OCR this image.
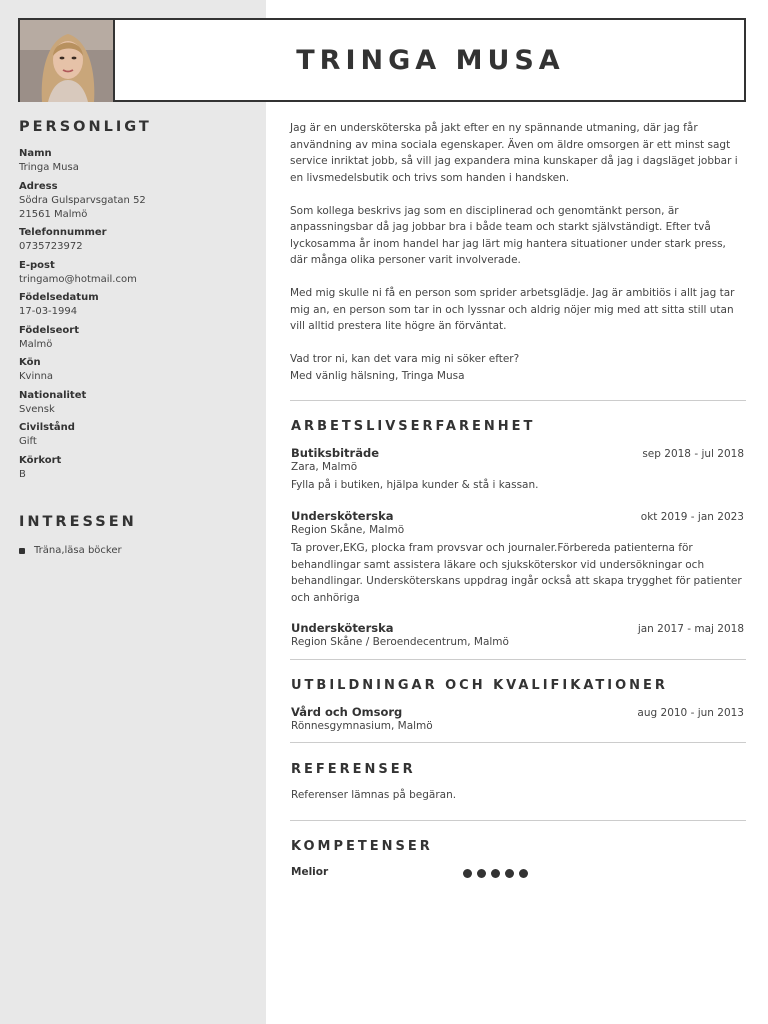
TRINGA MUSA
PERSONLIGT
Namn
Tringa Musa
Adress
Södra Gulsparvsgatan 52
21561 Malmö
Telefonnummer
0735723972
E-post
tringamo@hotmail.com
Födelsedatum
17-03-1994
Födelseort
Malmö
Kön
Kvinna
Nationalitet
Svensk
Civilstånd
Gift
Körkort
B
INTRESSEN
Träna,läsa böcker

Jag är en undersköterska på jakt efter en ny spännande utmaning, där jag får användning av mina sociala egenskaper. Även om äldre omsorgen är ett minst sagt service inriktat jobb, så vill jag expandera mina kunskaper då jag i dagsläget jobbar i en livsmedelsbutik och trivs som handen i handsken.

Som kollega beskrivs jag som en disciplinerad och genomtänkt person, är anpassningsbar då jag jobbar bra i både team och starkt självständigt. Efter två lyckosamma år inom handel har jag lärt mig hantera situationer under stark press, där många olika personer varit involverade.

Med mig skulle ni få en person som sprider arbetsglädje. Jag är ambitiös i allt jag tar mig an, en person som tar in och lyssnar och aldrig nöjer mig med att sitta still utan vill alltid prestera lite högre än förväntat.

Vad tror ni, kan det vara mig ni söker efter?

Med vänlig hälsning, Tringa Musa

ARBETSLIVSERFARENHET
Butiksbiträde	sep 2018 - jul 2018
Zara, Malmö
Fylla på i butiken, hjälpa kunder & stå i kassan.
Undersköterska	okt 2019 - jan 2023
Region Skåne, Malmö
Ta prover,EKG, plocka fram provsvar och journaler.Förbereda patienterna för behandlingar samt assistera läkare och sjuksköterskor vid undersökningar och behandlingar. Undersköterskans uppdrag ingår också att skapa trygghet för patienter och anhöriga
Undersköterska	jan 2017 - maj 2018
Region Skåne / Beroendecentrum, Malmö
UTBILDNINGAR OCH KVALIFIKATIONER
Vård och Omsorg	aug 2010 - jun 2013
Rönnesgymnasium, Malmö
REFERENSER
Referenser lämnas på begäran.
KOMPETENSER
Melior
